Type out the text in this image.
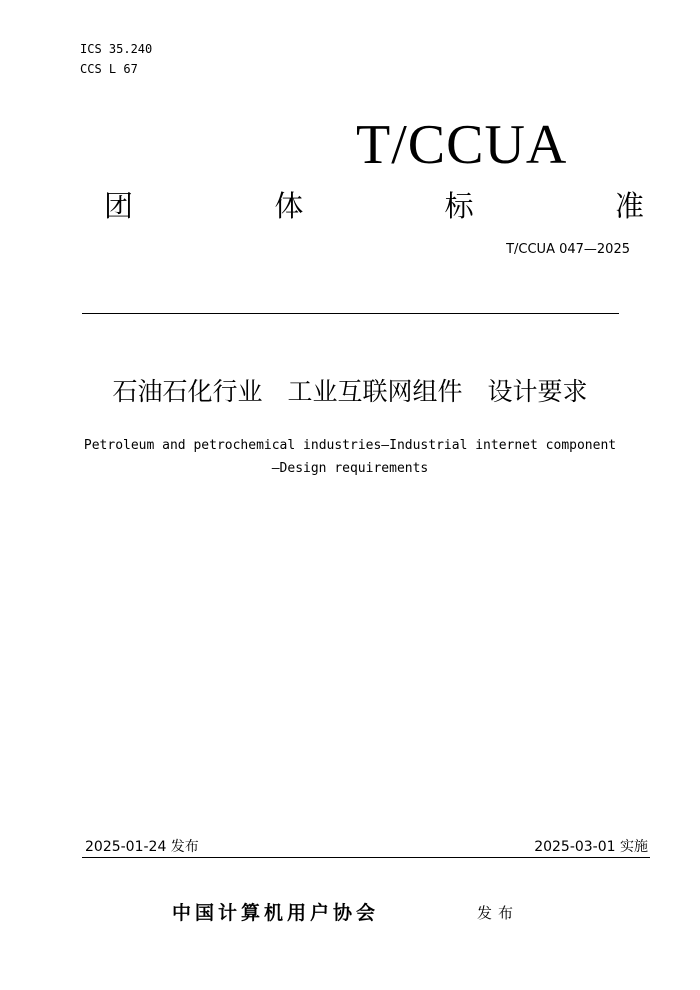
ICS 35.240
CCS L 67
T/CCUA
团	体	标	准
T/CCUA 047—2025
石油石化行业　工业互联网组件　设计要求
Petroleum and petrochemical industries—Industrial internet component
—Design requirements
2025-01-24 发布	2025-03-01 实施
中国计算机用户协会	发布
